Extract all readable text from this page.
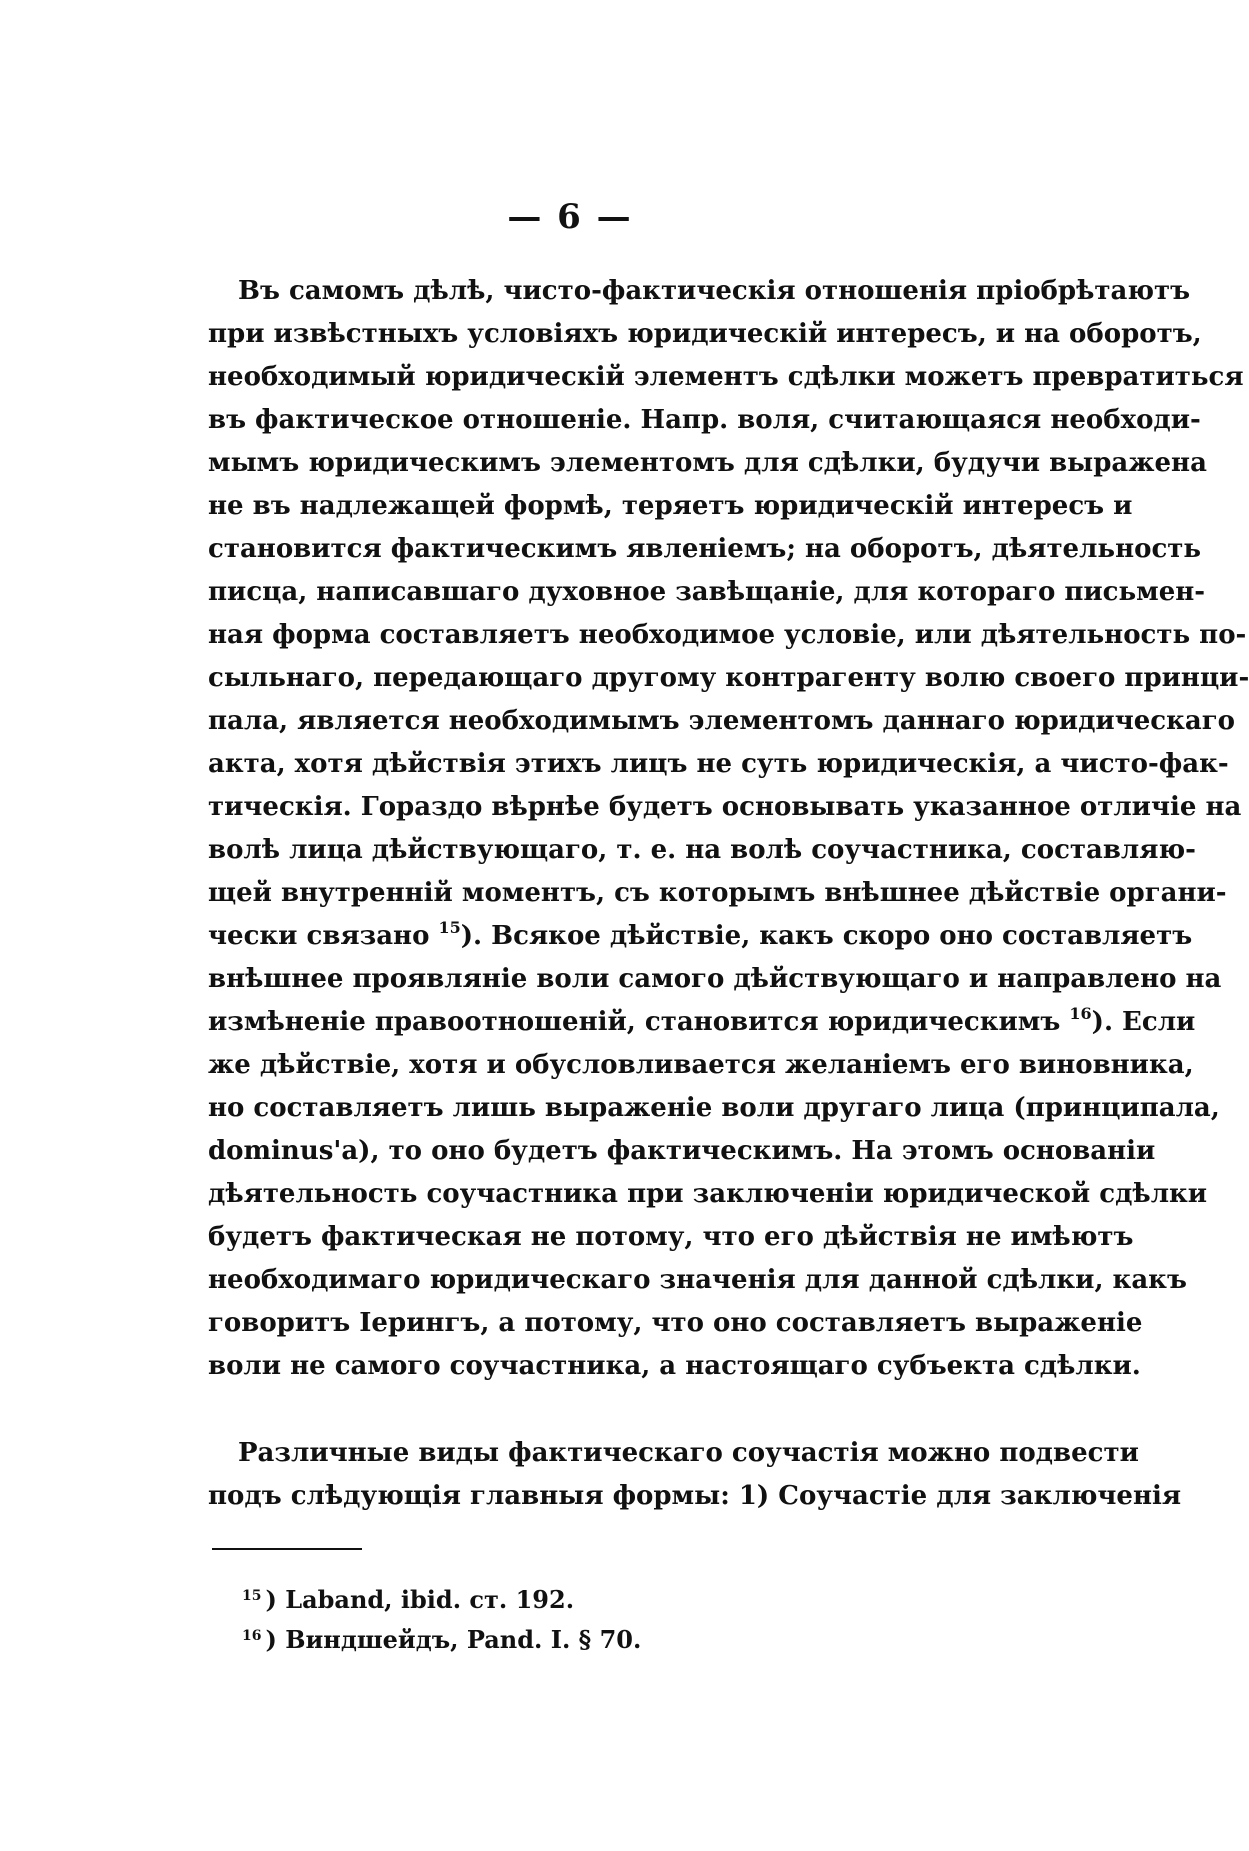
— 6 —
Въ самомъ дѣлѣ, чисто-фактическія отношенія пріобрѣтаютъ
при извѣстныхъ условіяхъ юридическій интересъ, и на оборотъ,
необходимый юридическій элементъ сдѣлки можетъ превратиться
въ фактическое отношеніе. Напр. воля, считающаяся необходи-
мымъ юридическимъ элементомъ для сдѣлки, будучи выражена
не въ надлежащей формѣ, теряетъ юридическій интересъ и
становится фактическимъ явленіемъ; на оборотъ, дѣятельность
писца, написавшаго духовное завѣщаніе, для котораго письмен-
ная форма составляетъ необходимое условіе, или дѣятельность по-
сыльнаго, передающаго другому контрагенту волю своего принци-
пала, является необходимымъ элементомъ даннаго юридическаго
акта, хотя дѣйствія этихъ лицъ не суть юридическія, а чисто-фак-
тическія. Гораздо вѣрнѣе будетъ основывать указанное отличіе на
волѣ лица дѣйствующаго, т. е. на волѣ соучастника, составляю-
щей внутренній моментъ, съ которымъ внѣшнее дѣйствіе органи-
чески связано $^{15}$). Всякое дѣйствіе, какъ скоро оно составляетъ
внѣшнее проявляніе воли самого дѣйствующаго и направлено на
измѣненіе правоотношеній, становится юридическимъ $^{16}$). Если
же дѣйствіе, хотя и обусловливается желаніемъ его виновника,
но составляетъ лишь выраженіе воли другаго лица (принципала,
dominus'a), то оно будетъ фактическимъ. На этомъ основаніи
дѣятельность соучастника при заключеніи юридической сдѣлки
будетъ фактическая не потому, что его дѣйствія не имѣютъ
необходимаго юридическаго значенія для данной сдѣлки, какъ
говоритъ Іерингъ, а потому, что оно составляетъ выраженіе
воли не самого соучастника, а настоящаго субъекта сдѣлки.
Различные виды фактическаго соучастія можно подвести
подъ слѣдующія главныя формы: 1) Соучастіе для заключенія
$^{15}$ ) Laband, ibid. ст. 192.
$^{16}$ ) Виндшейдъ, Pand. I. § 70.
